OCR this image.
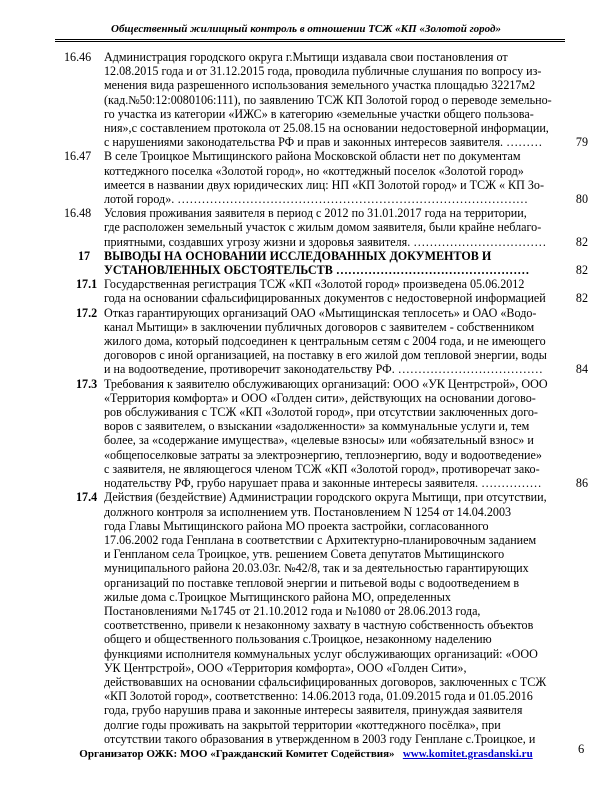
Общественный жилищный контроль в отношении ТСЖ «КП «Золотой город»
16.46	Администрация городского округа г.Мытищи издавала свои постановления от
12.08.2015 года и от 31.12.2015 года, проводила публичные слушания по вопросу из-
менения вида разрешенного использования земельного участка площадью 32217м2
(кад.№50:12:0080106:111), по заявлению ТСЖ КП Золотой город о переводе земельно-
го участка из категории «ИЖС» в категорию «земельные участки общего пользова-
ния»,с составлением протокола от 25.08.15 на основании недостоверной информации,
с нарушениями законодательства РФ и прав и законных интересов заявителя. ………	79
16.47	В селе Троицкое Мытищинского района Московской области нет по документам
коттеджного поселка «Золотой город», но «коттеджный поселок «Золотой город»
имеется в названии двух юридических лиц: НП «КП Золотой город» и ТСЖ « КП Зо-
лотой город». ……………………………………………………………………………	80
16.48	Условия проживания заявителя в период с 2012 по 31.01.2017 года на территории,
где расположен земельный участок с жилым домом заявителя, были крайне неблаго-
приятными, создавших угрозу жизни и здоровья заявителя. ……………………………	82
17	ВЫВОДЫ НА ОСНОВАНИИ ИССЛЕДОВАННЫХ ДОКУМЕНТОВ И
УСТАНОВЛЕННЫХ ОБСТОЯТЕЛЬСТВ …………………………………………	82
17.1 Государственная регистрация ТСЖ «КП «Золотой город» произведена 05.06.2012
года на основании сфальсифицированных документов с недостоверной информацией	82
17.2 Отказ гарантирующих организаций ОАО «Мытищинская теплосеть» и ОАО «Водо-
канал Мытищи» в заключении публичных договоров с заявителем - собственником
жилого дома, который подсоединен к центральным сетям с 2004 года, и не имеющего
договоров с иной организацией, на поставку в его жилой дом тепловой энергии, воды
и на водоотведение, противоречит законодательству РФ. ………………………………	84
17.3 Требования к заявителю обслуживающих организаций: ООО «УК Центрстрой», ООО
«Территория комфорта» и ООО «Голден сити», действующих на основании догово-
ров обслуживания с ТСЖ «КП «Золотой город», при отсутствии заключенных дого-
воров с заявителем, о взыскании «задолженности» за коммунальные услуги и, тем
более, за «содержание имущества», «целевые взносы» или «обязательный взнос» и
«общепоселковые затраты за электроэнергию, теплоэнергию, воду и водоотведение»
с заявителя, не являющегося членом ТСЖ «КП «Золотой город», противоречат зако-
нодательству РФ, грубо нарушает права и законные интересы заявителя. ……………	86
17.4 Действия (бездействие) Администрации городского округа Мытищи, при отсутствии,
должного контроля за исполнением утв. Постановлением N 1254 от 14.04.2003
года Главы Мытищинского района МО проекта застройки, согласованного
17.06.2002 года Генплана в соответствии с Архитектурно-планировочным заданием
и Генпланом села Троицкое, утв. решением Совета депутатов Мытищинского
муниципального района 20.03.03г. №42/8, так и за деятельностью гарантирующих
организаций по поставке тепловой энергии и питьевой воды с водоотведением в
жилые дома с.Троицкое Мытищинского района МО, определенных
Постановлениями №1745 от 21.10.2012 года и №1080 от 28.06.2013 года,
соответственно, привели к незаконному захвату в частную собственность объектов
общего и общественного пользования с.Троицкое, незаконному наделению
функциями исполнителя коммунальных услуг обслуживающих организаций: «ООО
УК Центрстрой», ООО «Территория комфорта», ООО «Голден Сити»,
действовавших на основании сфальсифицированных договоров, заключенных с ТСЖ
«КП Золотой город», соответственно: 14.06.2013 года, 01.09.2015 года и 01.05.2016
года, грубо нарушив права и законные интересы заявителя, принуждая заявителя
долгие годы проживать на закрытой территории «коттеджного посёлка», при
отсутствии такого образования в утвержденном в 2003 году Генплане с.Троицкое, и
Организатор ОЖК: МОО «Гражданский Комитет Содействия» www.komitet.grasdanski.ru	6
